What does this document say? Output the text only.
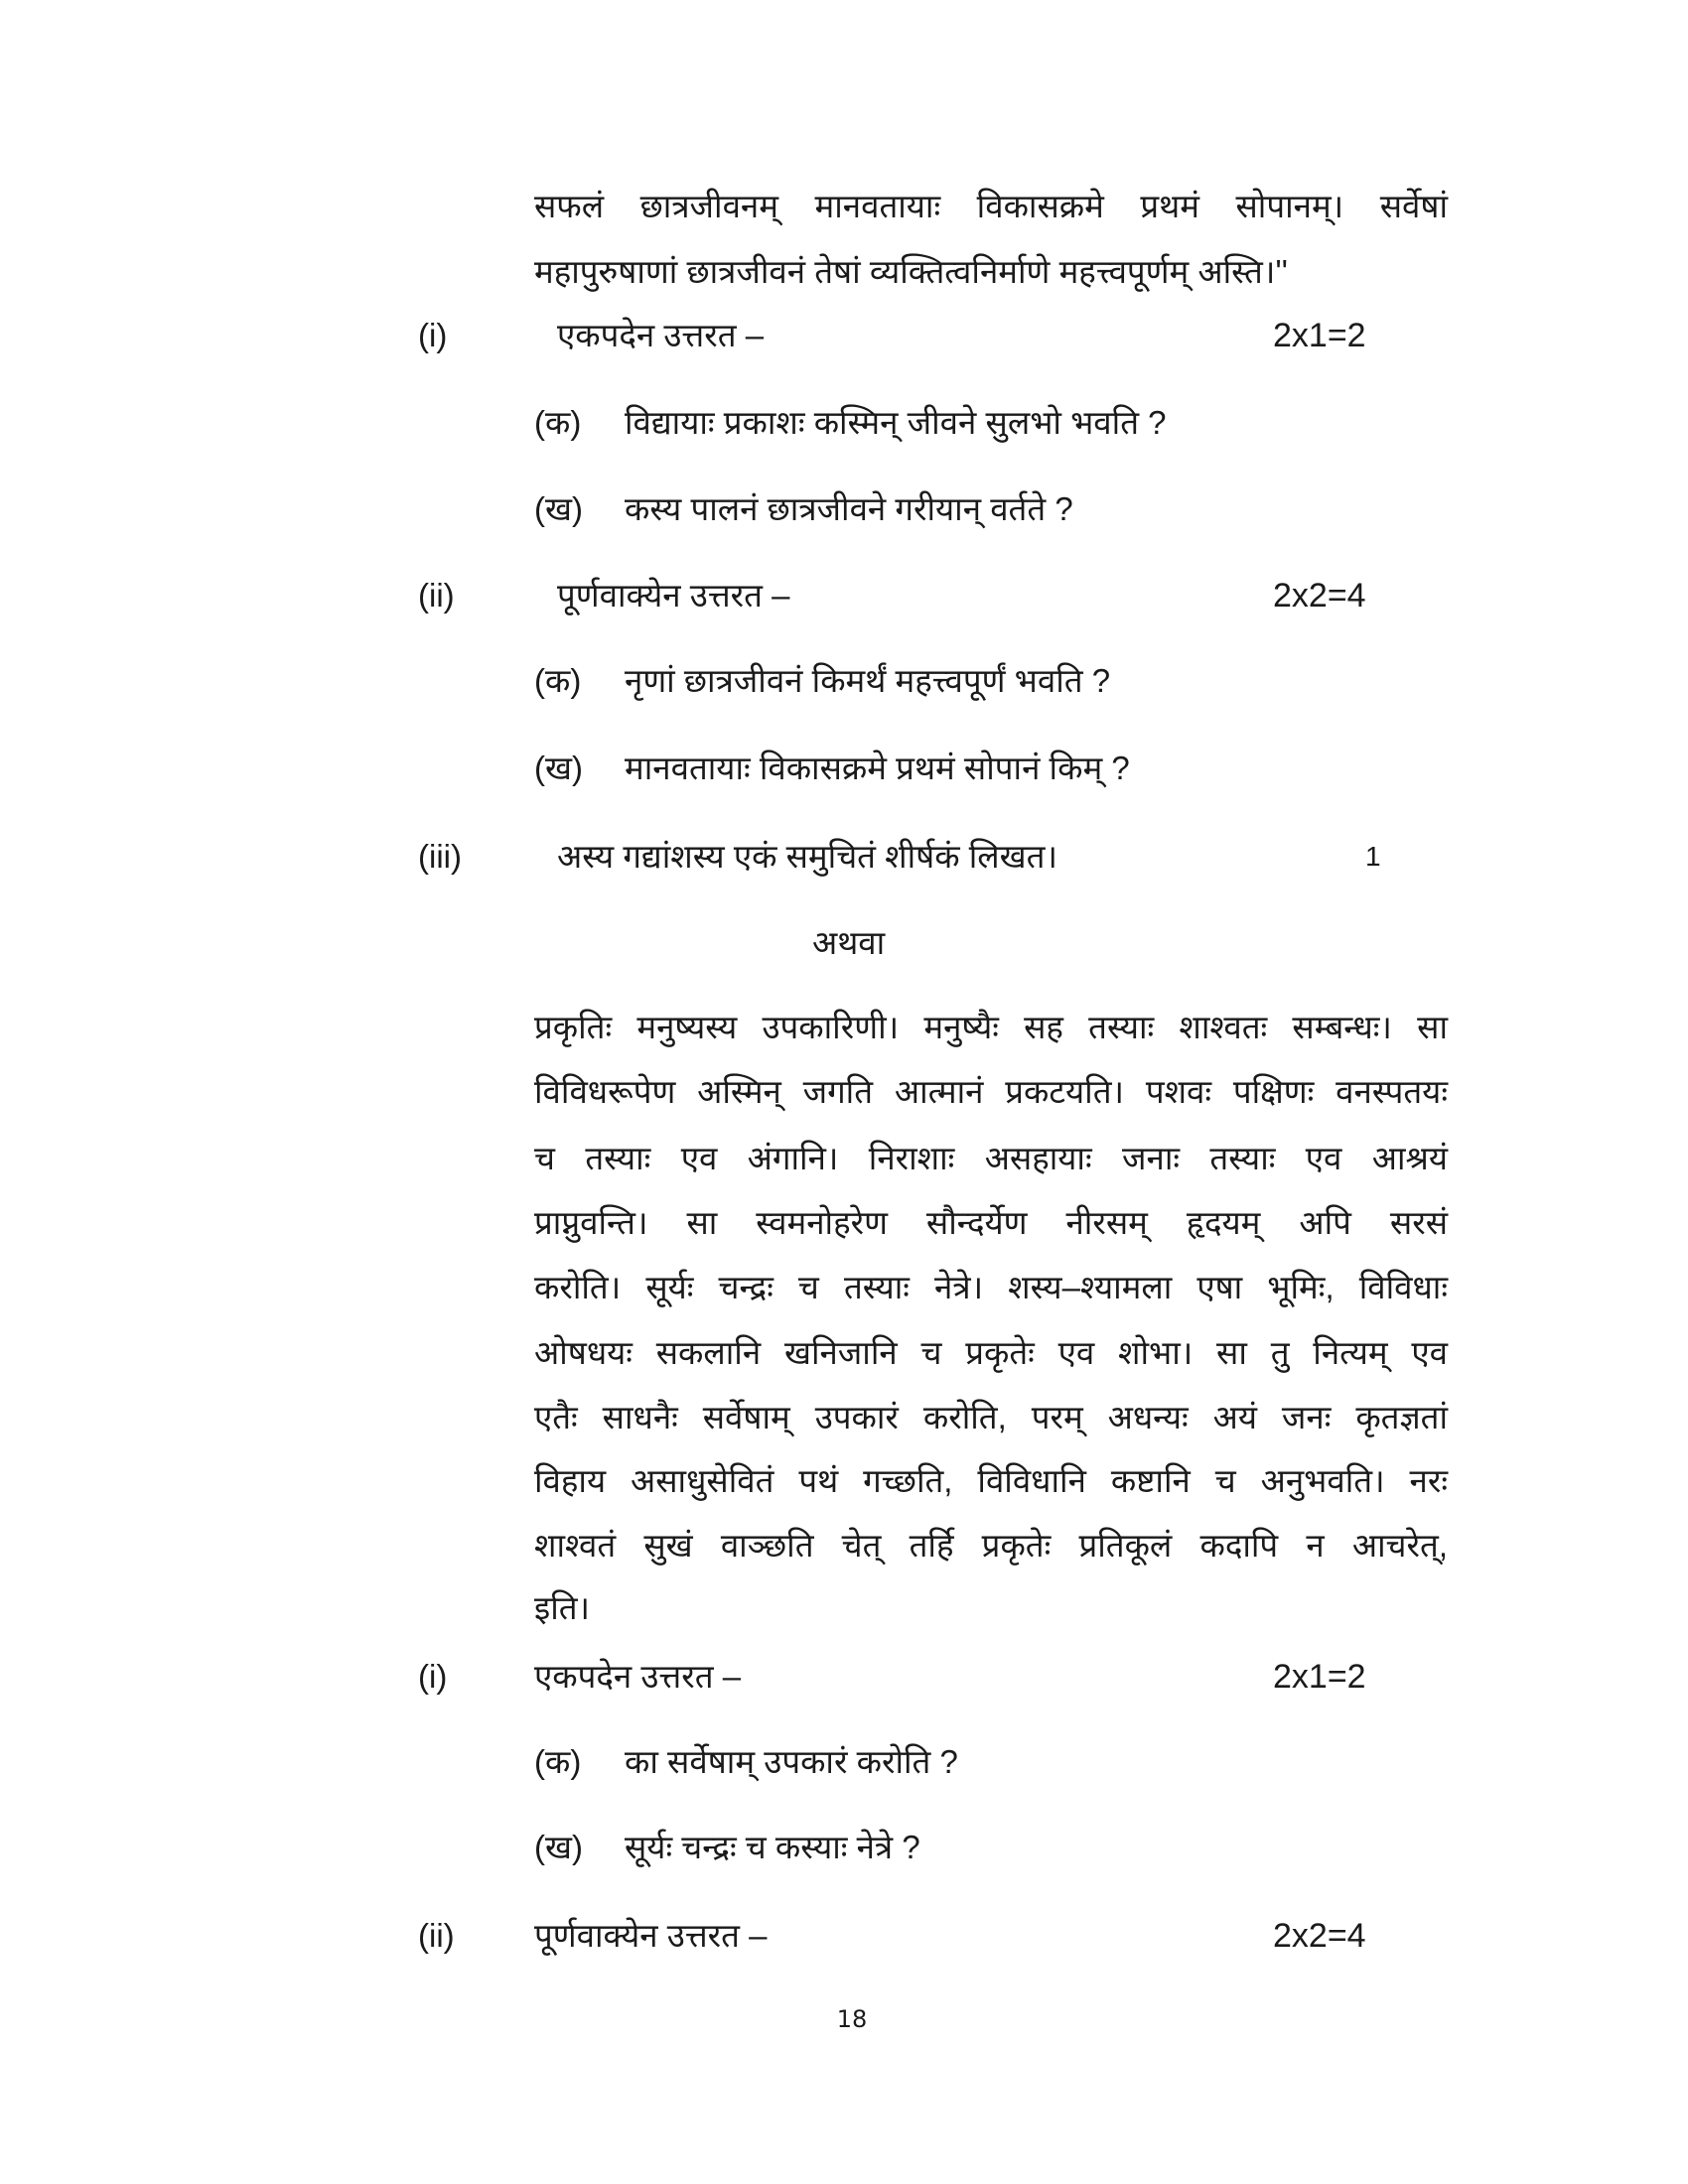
सफलं छात्रजीवनम् मानवतायाः विकासक्रमे प्रथमं सोपानम्। सर्वेषां
महापुरुषाणां छात्रजीवनं तेषां व्यक्तित्वनिर्माणे महत्त्वपूर्णम् अस्ति।''
(i)	एकपदेन उत्तरत –	2x1=2
(क) विद्यायाः प्रकाशः कस्मिन् जीवने सुलभो भवति ?
(ख) कस्य पालनं छात्रजीवने गरीयान् वर्तते ?
(ii)	पूर्णवाक्येन उत्तरत –	2x2=4
(क) नृणां छात्रजीवनं किमर्थं महत्त्वपूर्णं भवति ?
(ख) मानवतायाः विकासक्रमे प्रथमं सोपानं किम् ?
(iii)	अस्य गद्यांशस्य एकं समुचितं शीर्षकं लिखत।	1
अथवा
प्रकृतिः मनुष्यस्य उपकारिणी। मनुष्यैः सह तस्याः शाश्वतः सम्बन्धः। सा
विविधरूपेण अस्मिन् जगति आत्मानं प्रकटयति। पशवः पक्षिणः वनस्पतयः
च तस्याः एव अंगानि। निराशाः असहायाः जनाः तस्याः एव आश्रयं
प्राप्नुवन्ति। सा स्वमनोहरेण सौन्दर्येण नीरसम् हृदयम् अपि सरसं
करोति। सूर्यः चन्द्रः च तस्याः नेत्रे। शस्य–श्यामला एषा भूमिः, विविधाः
ओषधयः सकलानि खनिजानि च प्रकृतेः एव शोभा। सा तु नित्यम् एव
एतैः साधनैः सर्वेषाम् उपकारं करोति, परम् अधन्यः अयं जनः कृतज्ञतां
विहाय असाधुसेवितं पथं गच्छति, विविधानि कष्टानि च अनुभवति। नरः
शाश्वतं सुखं वाञ्छति चेत् तर्हि प्रकृतेः प्रतिकूलं कदापि न आचरेत्,
इति।
(i)	एकपदेन उत्तरत –	2x1=2
(क) का सर्वेषाम् उपकारं करोति ?
(ख) सूर्यः चन्द्रः च कस्याः नेत्रे ?
(ii) पूर्णवाक्येन उत्तरत –	2x2=4
18
